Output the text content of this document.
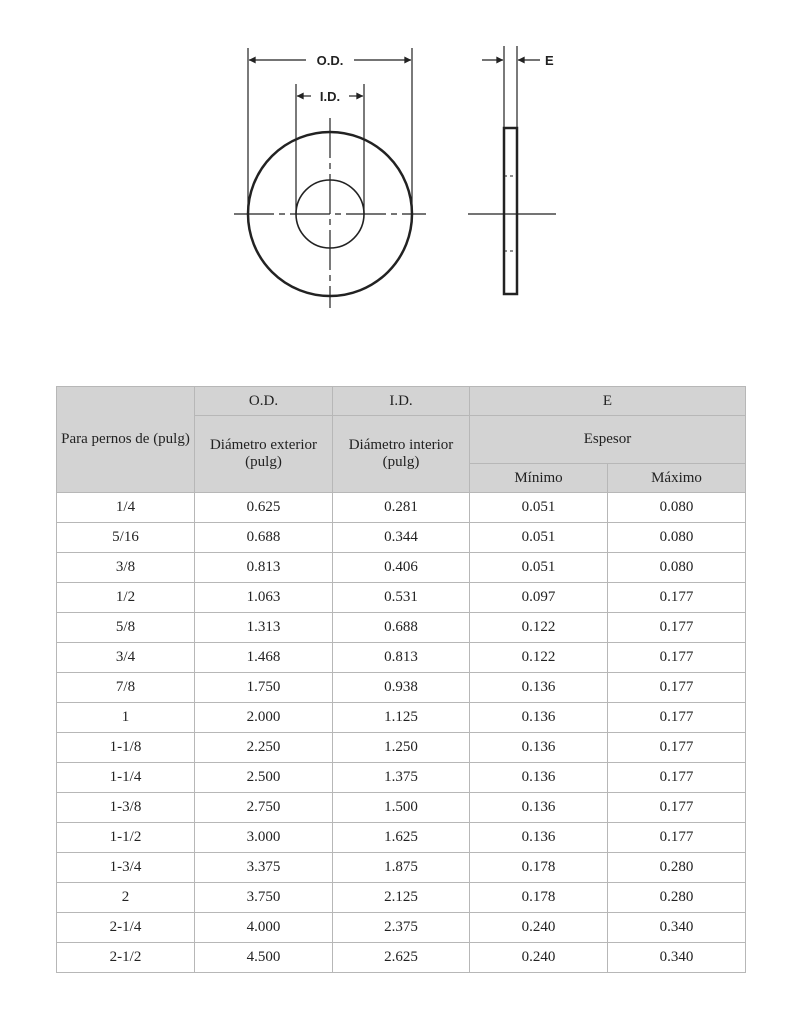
O.D.
I.D.
E
Para pernos de (pulg)	O.D.	I.D.	E	
	Diámetro exterior (pulg)	Diámetro interior (pulg)	Espesor	
			Mínimo	Máximo
1/4	0.625	0.281	0.051	0.080
5/16	0.688	0.344	0.051	0.080
3/8	0.813	0.406	0.051	0.080
1/2	1.063	0.531	0.097	0.177
5/8	1.313	0.688	0.122	0.177
3/4	1.468	0.813	0.122	0.177
7/8	1.750	0.938	0.136	0.177
1	2.000	1.125	0.136	0.177
1-1/8	2.250	1.250	0.136	0.177
1-1/4	2.500	1.375	0.136	0.177
1-3/8	2.750	1.500	0.136	0.177
1-1/2	3.000	1.625	0.136	0.177
1-3/4	3.375	1.875	0.178	0.280
2	3.750	2.125	0.178	0.280
2-1/4	4.000	2.375	0.240	0.340
2-1/2	4.500	2.625	0.240	0.340
